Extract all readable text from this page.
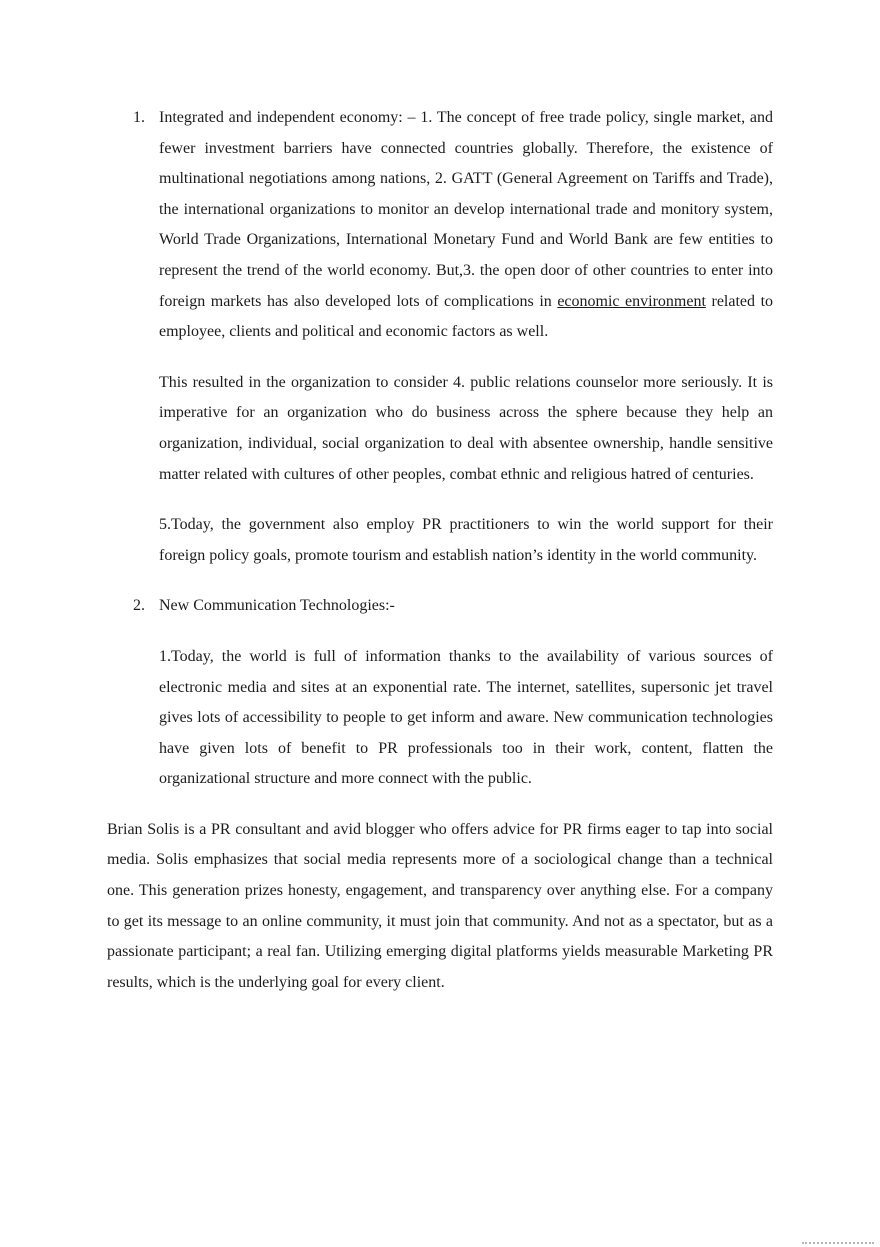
1. Integrated and independent economy: – 1. The concept of free trade policy, single market, and fewer investment barriers have connected countries globally. Therefore, the existence of multinational negotiations among nations, 2. GATT (General Agreement on Tariffs and Trade), the international organizations to monitor an develop international trade and monitory system, World Trade Organizations, International Monetary Fund and World Bank are few entities to represent the trend of the world economy. But,3. the open door of other countries to enter into foreign markets has also developed lots of complications in economic environment related to employee, clients and political and economic factors as well.

This resulted in the organization to consider 4. public relations counselor more seriously. It is imperative for an organization who do business across the sphere because they help an organization, individual, social organization to deal with absentee ownership, handle sensitive matter related with cultures of other peoples, combat ethnic and religious hatred of centuries.

5.Today, the government also employ PR practitioners to win the world support for their foreign policy goals, promote tourism and establish nation’s identity in the world community.

2. New Communication Technologies:-

1.Today, the world is full of information thanks to the availability of various sources of electronic media and sites at an exponential rate. The internet, satellites, supersonic jet travel gives lots of accessibility to people to get inform and aware. New communication technologies have given lots of benefit to PR professionals too in their work, content, flatten the organizational structure and more connect with the public.

Brian Solis is a PR consultant and avid blogger who offers advice for PR firms eager to tap into social media. Solis emphasizes that social media represents more of a sociological change than a technical one. This generation prizes honesty, engagement, and transparency over anything else. For a company to get its message to an online community, it must join that community. And not as a spectator, but as a passionate participant; a real fan. Utilizing emerging digital platforms yields measurable Marketing PR results, which is the underlying goal for every client.
